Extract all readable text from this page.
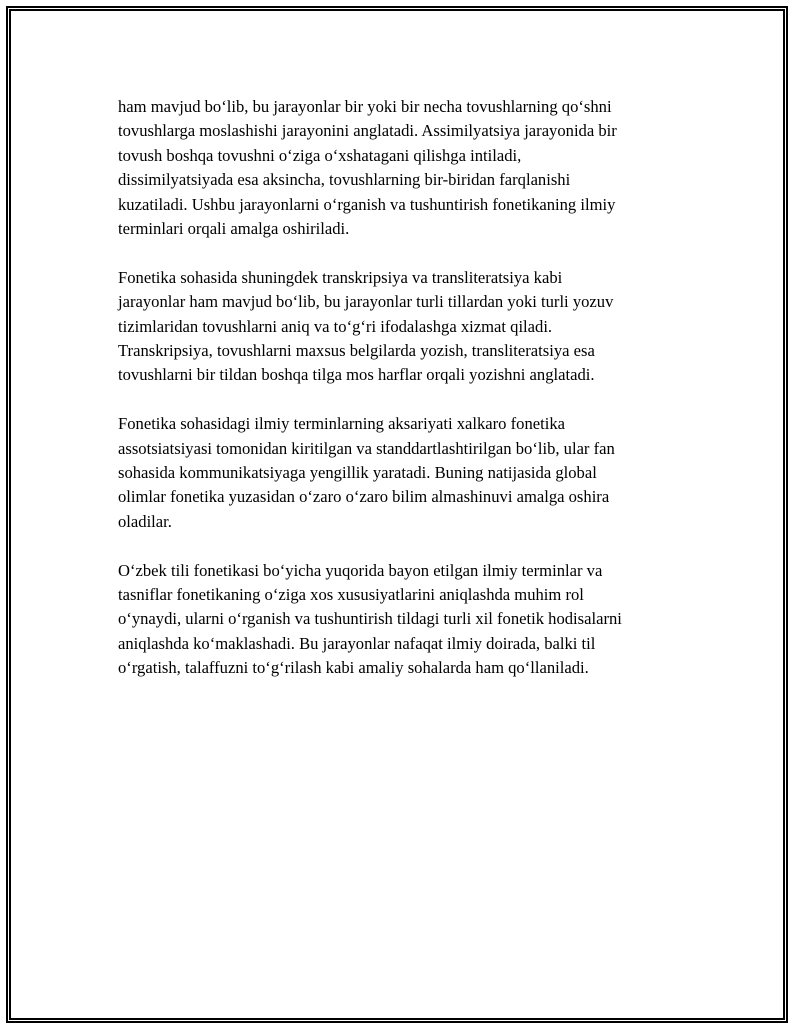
ham mavjud boʻlib, bu jarayonlar bir yoki bir necha tovushlarning qoʻshni
tovushlarga moslashishi jarayonini anglatadi. Assimilyatsiya jarayonida bir
tovush boshqa tovushni oʻziga oʻxshatagani qilishga intiladi,
dissimilyatsiyada esa aksincha, tovushlarning bir-biridan farqlanishi
kuzatiladi. Ushbu jarayonlarni oʻrganish va tushuntirish fonetikaning ilmiy
terminlari orqali amalga oshiriladi.

Fonetika sohasida shuningdek transkripsiya va transliteratsiya kabi
jarayonlar ham mavjud boʻlib, bu jarayonlar turli tillardan yoki turli yozuv
tizimlaridan tovushlarni aniq va toʻgʻri ifodalashga xizmat qiladi.
Transkripsiya, tovushlarni maxsus belgilarda yozish, transliteratsiya esa
tovushlarni bir tildan boshqa tilga mos harflar orqali yozishni anglatadi.

Fonetika sohasidagi ilmiy terminlarning aksariyati xalkaro fonetika
assotsiatsiyasi tomonidan kiritilgan va standdartlashtirilgan boʻlib, ular fan
sohasida kommunikatsiyaga yengillik yaratadi. Buning natijasida global
olimlar fonetika yuzasidan oʻzaro oʻzaro bilim almashinuvi amalga oshira
oladilar.

Oʻzbek tili fonetikasi boʻyicha yuqorida bayon etilgan ilmiy terminlar va
tasniflar fonetikaning oʻziga xos xususiyatlarini aniqlashda muhim rol
oʻynaydi, ularni oʻrganish va tushuntirish tildagi turli xil fonetik hodisalarni
aniqlashda koʻmaklashadi. Bu jarayonlar nafaqat ilmiy doirada, balki til
oʻrgatish, talaffuzni toʻgʻrilash kabi amaliy sohalarda ham qoʻllaniladi.
